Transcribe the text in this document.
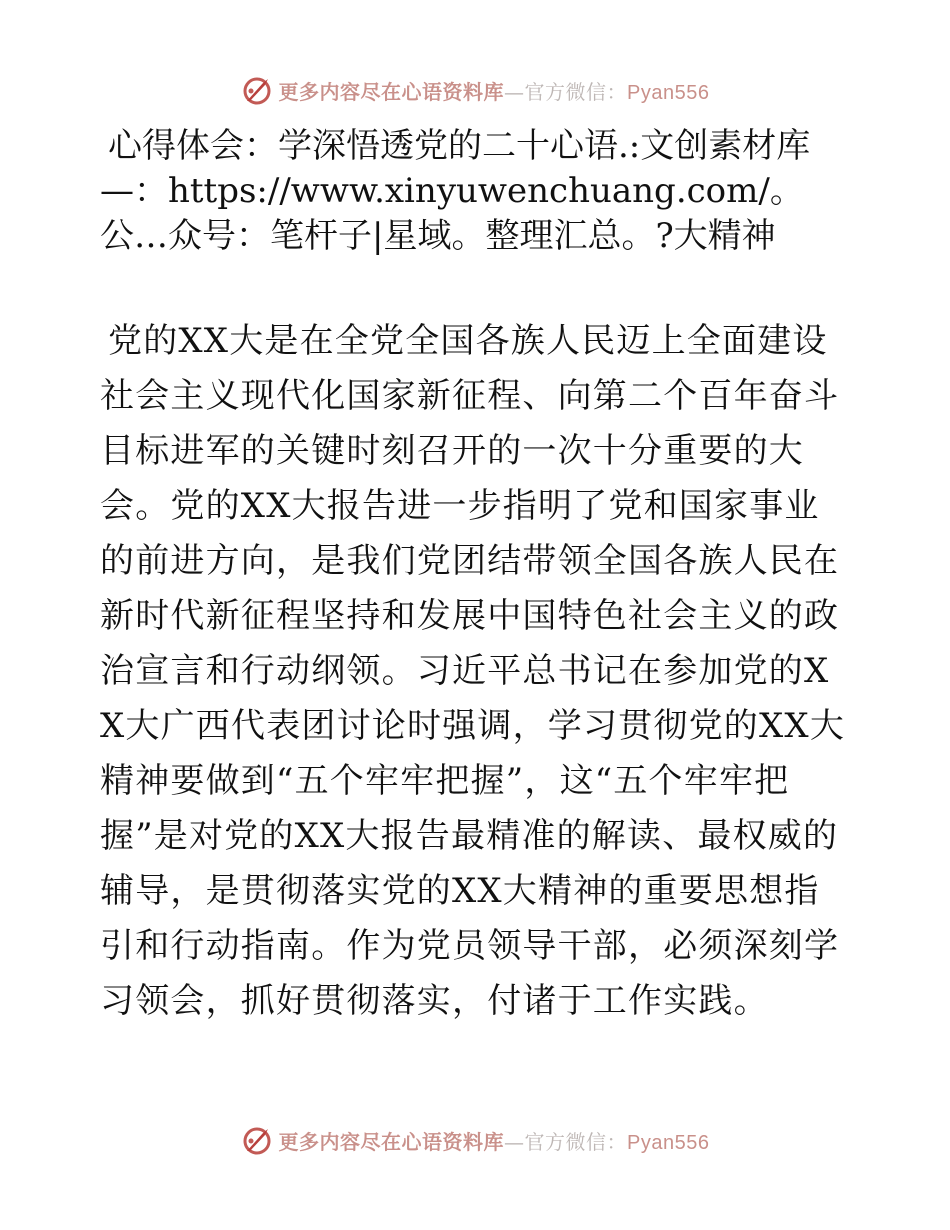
更多内容尽在心语资料库—官方微信：Pyan556
心得体会：学深悟透党的二十心语.:文创素材库—：https://www.xinyuwenchuang.com/。公…众号：笔杆子|星域。整理汇总。?大精神

党的XX大是在全党全国各族人民迈上全面建设社会主义现代化国家新征程、向第二个百年奋斗目标进军的关键时刻召开的一次十分重要的大会。党的XX大报告进一步指明了党和国家事业的前进方向，是我们党团结带领全国各族人民在新时代新征程坚持和发展中国特色社会主义的政治宣言和行动纲领。习近平总书记在参加党的XX大广西代表团讨论时强调，学习贯彻党的XX大精神要做到“五个牢牢把握”，这“五个牢牢把握”是对党的XX大报告最精准的解读、最权威的辅导，是贯彻落实党的XX大精神的重要思想指引和行动指南。作为党员领导干部，必须深刻学习领会，抓好贯彻落实，付诸于工作实践。

更多内容尽在心语资料库—官方微信：Pyan556
